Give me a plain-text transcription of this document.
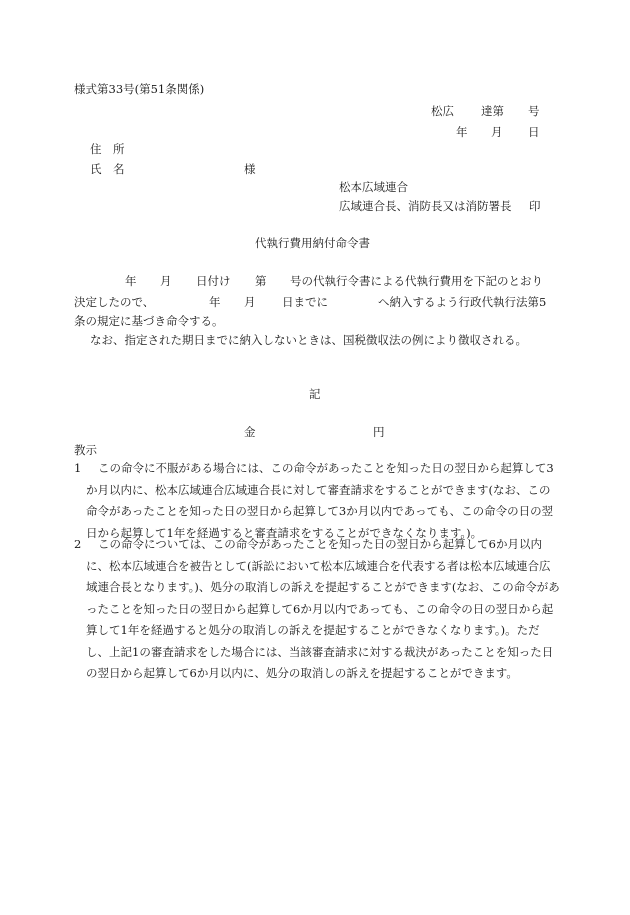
様式第33号(第51条関係)
松広 達第 号
年 月 日
住　所
氏　名	様
松本広域連合
広域連合長、消防長又は消防署長 印
代執行費用納付命令書
年 月 日付け 第 号の代執行令書による代執行費用を下記のとおり
決定したので、	年 月 日までに	へ納入するよう行政代執行法第5
条の規定に基づき命令する。
なお、指定された期日までに納入しないときは、国税徴収法の例により徴収される。
記
金	円
教示
1	この命令に不服がある場合には、この命令があったことを知った日の翌日から起算して3か月以内に、松本広域連合広域連合長に対して審査請求をすることができます(なお、この命令があったことを知った日の翌日から起算して3か月以内であっても、この命令の日の翌日から起算して1年を経過すると審査請求をすることができなくなります。)。
2	この命令については、この命令があったことを知った日の翌日から起算して6か月以内に、松本広域連合を被告として(訴訟において松本広域連合を代表する者は松本広域連合広域連合長となります。)、処分の取消しの訴えを提起することができます(なお、この命令があったことを知った日の翌日から起算して6か月以内であっても、この命令の日の翌日から起算して1年を経過すると処分の取消しの訴えを提起することができなくなります。)。ただし、上記1の審査請求をした場合には、当該審査請求に対する裁決があったことを知った日の翌日から起算して6か月以内に、処分の取消しの訴えを提起することができます。
